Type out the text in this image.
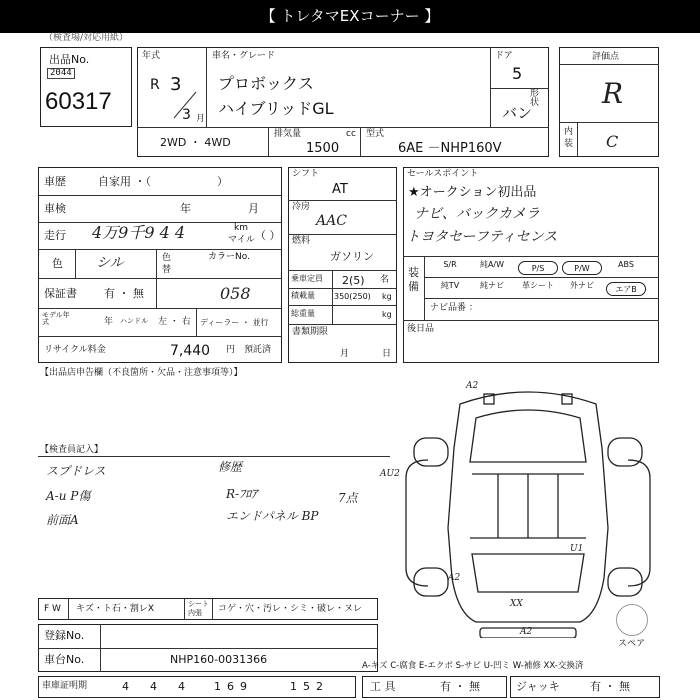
【 トレタマEXコーナー 】
（検査場/対応用紙）
出品No.
2044
60317
年式
R 3
3 月
車名・グレード
プロボックス
ハイブリッドGL
ドア
5
形状
バン
2WD ・ 4WD
排気量	cc
1500
型式
6AE －NHP160V
評価点
R
内装 C
車歴	自家用 ・（　　　　　　）
車検	年	月
走行 4万9千9 4 4	km
マイル （ ）
色 シル	色替
カラーNo.
058
保証書 有 ・ 無
モデル年式	年 ハンドル 左 ・ 右 ディーラー ・ 並行
リサイクル料金	7,440 円 預託済
シフト
AT
冷房
AAC
燃料
ガソリン
乗車定員 2(5) 名
積載量 350(250) kg
総重量	kg
書類期限
月	日
セールスポイント
★オークション初出品
ナビ、バックカメラ
トヨタセーフティセンス
装備
S/R	純A/W	P/S	P/W	ABS
純TV	純ナビ	革シート	外ナビ	エアB
ナビ品番 ：
後日品
【出品店申告欄（不良箇所・欠品・注意事項等）】
【検査員記入】
スプドレス
A-u P傷
前面A
修歴
R-ﾌﾛｱ
エンドパネル BP
7点
A2
AU2
U1
A2
XX
A2
スペア
F W キズ・ト石・割レX	シート内張	コゲ・穴・汚レ・シミ・破レ・ヌレ
登録No.
車台No.	NHP160-0031366
車庫証明期	4 4 4	169	152
A-キズ C-腐食 E-エクボ S-サビ U-凹ミ W-補修 XX-交換済
工 具	有 ・ 無	ジャッキ	有 ・ 無
